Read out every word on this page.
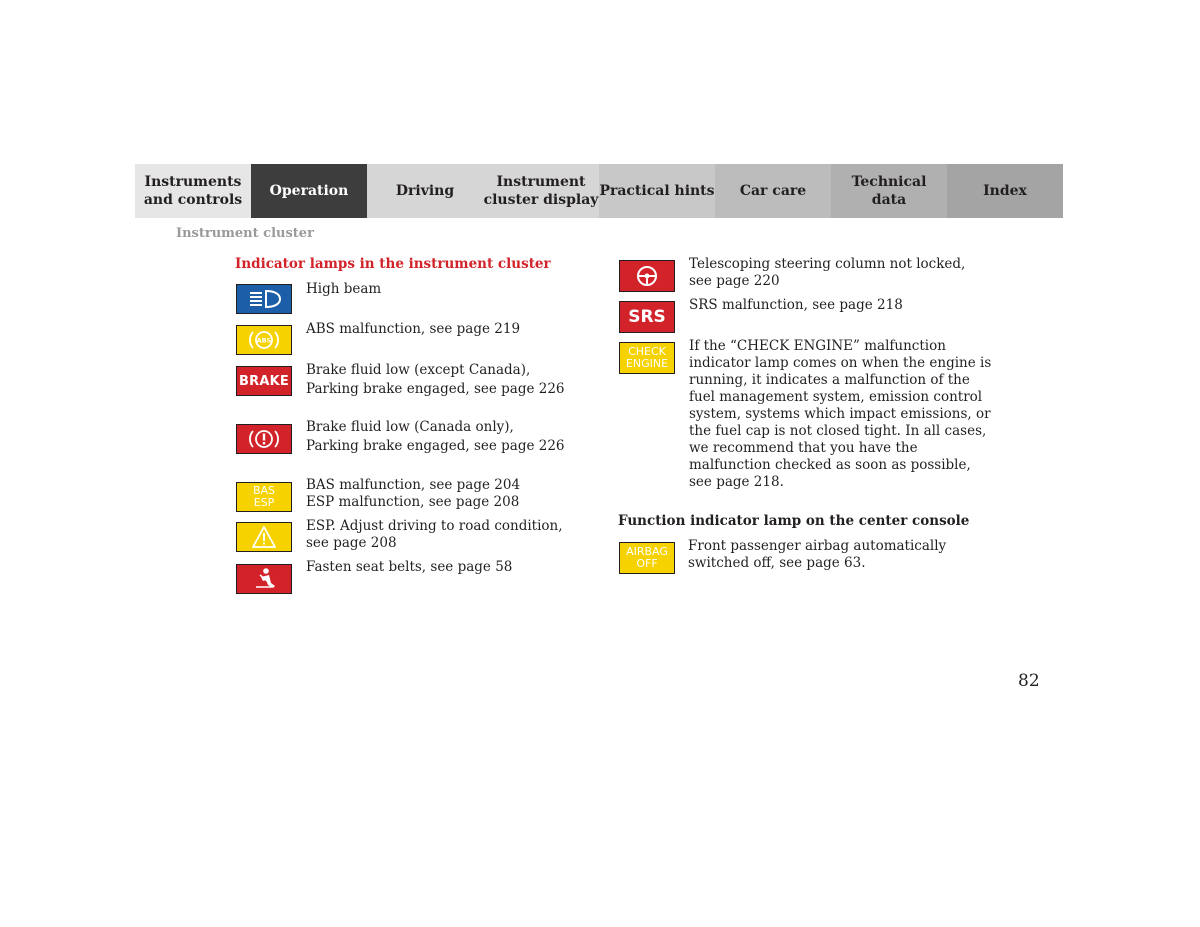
Instruments
and controls
Operation	Driving
Instrument
cluster display
Practical hints Car care
Technical
data
Index
Instrument cluster
Indicator lamps in the instrument cluster
High beam
ABS
ABS malfunction, see page 219
BRAKE
Brake fluid low (except Canada),
Parking brake engaged, see page 226
Brake fluid low (Canada only),
Parking brake engaged, see page 226
BAS
ESP
BAS malfunction, see page 204
ESP malfunction, see page 208
ESP. Adjust driving to road condition,
see page 208
Fasten seat belts, see page 58
Telescoping steering column not locked,
see page 220
SRS
SRS malfunction, see page 218
CHECK
ENGINE
If the “CHECK ENGINE” malfunction
indicator lamp comes on when the engine is
running, it indicates a malfunction of the
fuel management system, emission control
system, systems which impact emissions, or
the fuel cap is not closed tight. In all cases,
we recommend that you have the
malfunction checked as soon as possible,
see page 218.
Function indicator lamp on the center console
AIRBAG
OFF
Front passenger airbag automatically
switched off, see page 63.
82
